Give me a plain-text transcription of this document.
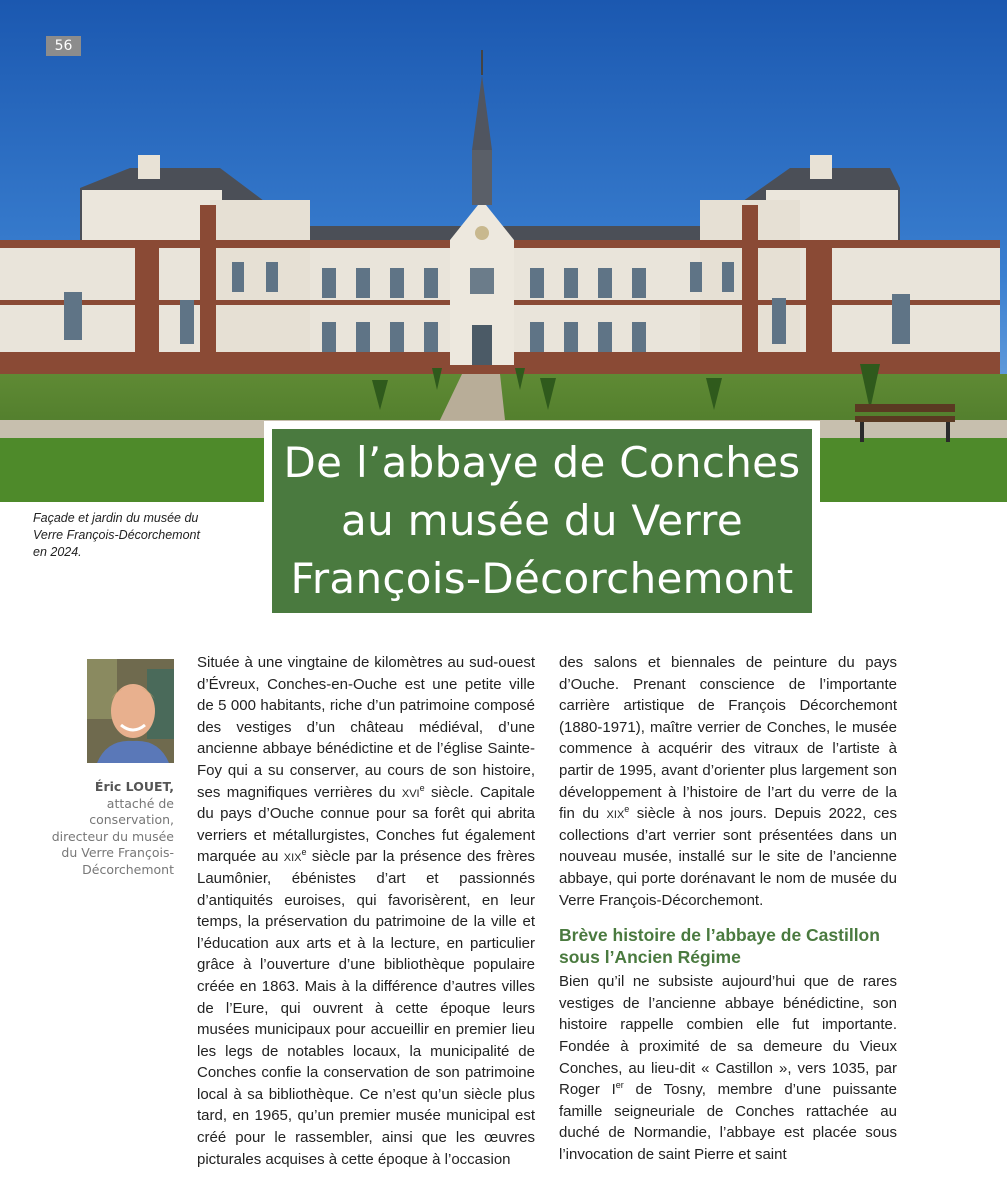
56
De l’abbaye de Conches
au musée du Verre
François-Décorchemont
Façade et jardin du musée du Verre François-Décorchemont en 2024.
Éric LOUET,
attaché de conservation, directeur du musée du Verre François-Décorchemont

Située à une vingtaine de kilomètres au sud-ouest d’Évreux, Conches-en-Ouche est une petite ville de 5 000 habitants, riche d’un patrimoine composé des vestiges d’un château médiéval, d’une ancienne abbaye bénédictine et de l’église Sainte-Foy qui a su conserver, au cours de son histoire, ses magnifiques verrières du xvi$^e$ siècle. Capitale du pays d’Ouche connue pour sa forêt qui abrita verriers et métallurgistes, Conches fut également marquée au xix$^e$ siècle par la présence des frères Laumônier, ébénistes d’art et passionnés d’antiquités euroises, qui favorisèrent, en leur temps, la préservation du patrimoine de la ville et l’éducation aux arts et à la lecture, en particulier grâce à l’ouverture d’une bibliothèque populaire créée en 1863. Mais à la différence d’autres villes de l’Eure, qui ouvrent à cette époque leurs musées municipaux pour accueillir en premier lieu les legs de notables locaux, la municipalité de Conches confie la conservation de son patrimoine local à sa bibliothèque. Ce n’est qu’un siècle plus tard, en 1965, qu’un premier musée municipal est créé pour le rassembler, ainsi que les œuvres picturales acquises à cette époque à l’occasion

des salons et biennales de peinture du pays d’Ouche. Prenant conscience de l’importante carrière artistique de François Décorchemont (1880-1971), maître verrier de Conches, le musée commence à acquérir des vitraux de l’artiste à partir de 1995, avant d’orienter plus largement son développement à l’histoire de l’art du verre de la fin du xix$^e$ siècle à nos jours. Depuis 2022, ces collections d’art verrier sont présentées dans un nouveau musée, installé sur le site de l’ancienne abbaye, qui porte dorénavant le nom de musée du Verre François-Décorchemont.

Brève histoire de l’abbaye de Castillon sous l’Ancien Régime

Bien qu’il ne subsiste aujourd’hui que de rares vestiges de l’ancienne abbaye bénédictine, son histoire rappelle combien elle fut importante. Fondée à proximité de sa demeure du Vieux Conches, au lieu-dit « Castillon », vers 1035, par Roger Ier de Tosny, membre d’une puissante famille seigneuriale de Conches rattachée au duché de Normandie, l’abbaye est placée sous l’invocation de saint Pierre et saint
